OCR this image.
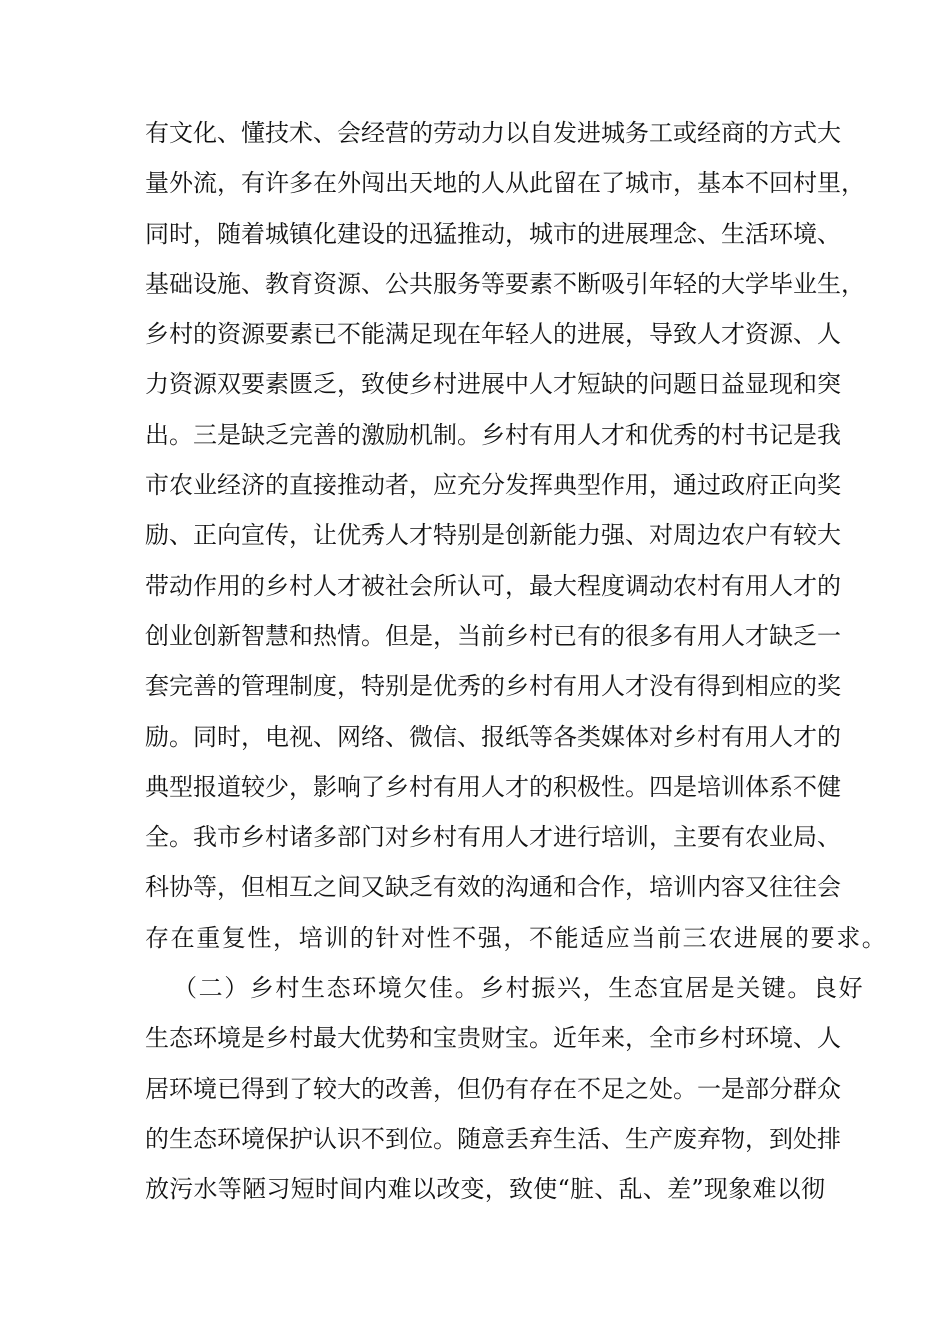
有文化、懂技术、会经营的劳动力以自发进城务工或经商的方式大
量外流，有许多在外闯出天地的人从此留在了城市，基本不回村里，
同时，随着城镇化建设的迅猛推动，城市的进展理念、生活环境、
基础设施、教育资源、公共服务等要素不断吸引年轻的大学毕业生，
乡村的资源要素已不能满足现在年轻人的进展，导致人才资源、人
力资源双要素匮乏，致使乡村进展中人才短缺的问题日益显现和突
出。三是缺乏完善的激励机制。乡村有用人才和优秀的村书记是我
市农业经济的直接推动者，应充分发挥典型作用，通过政府正向奖
励、正向宣传，让优秀人才特别是创新能力强、对周边农户有较大
带动作用的乡村人才被社会所认可，最大程度调动农村有用人才的
创业创新智慧和热情。但是，当前乡村已有的很多有用人才缺乏一
套完善的管理制度，特别是优秀的乡村有用人才没有得到相应的奖
励。同时，电视、网络、微信、报纸等各类媒体对乡村有用人才的
典型报道较少，影响了乡村有用人才的积极性。四是培训体系不健
全。我市乡村诸多部门对乡村有用人才进行培训，主要有农业局、
科协等，但相互之间又缺乏有效的沟通和合作，培训内容又往往会
存在重复性，培训的针对性不强，不能适应当前三农进展的要求。
（二）乡村生态环境欠佳。乡村振兴，生态宜居是关键。良好
生态环境是乡村最大优势和宝贵财宝。近年来，全市乡村环境、人
居环境已得到了较大的改善，但仍有存在不足之处。一是部分群众
的生态环境保护认识不到位。随意丢弃生活、生产废弃物，到处排
放污水等陋习短时间内难以改变，致使“脏、乱、差”现象难以彻
